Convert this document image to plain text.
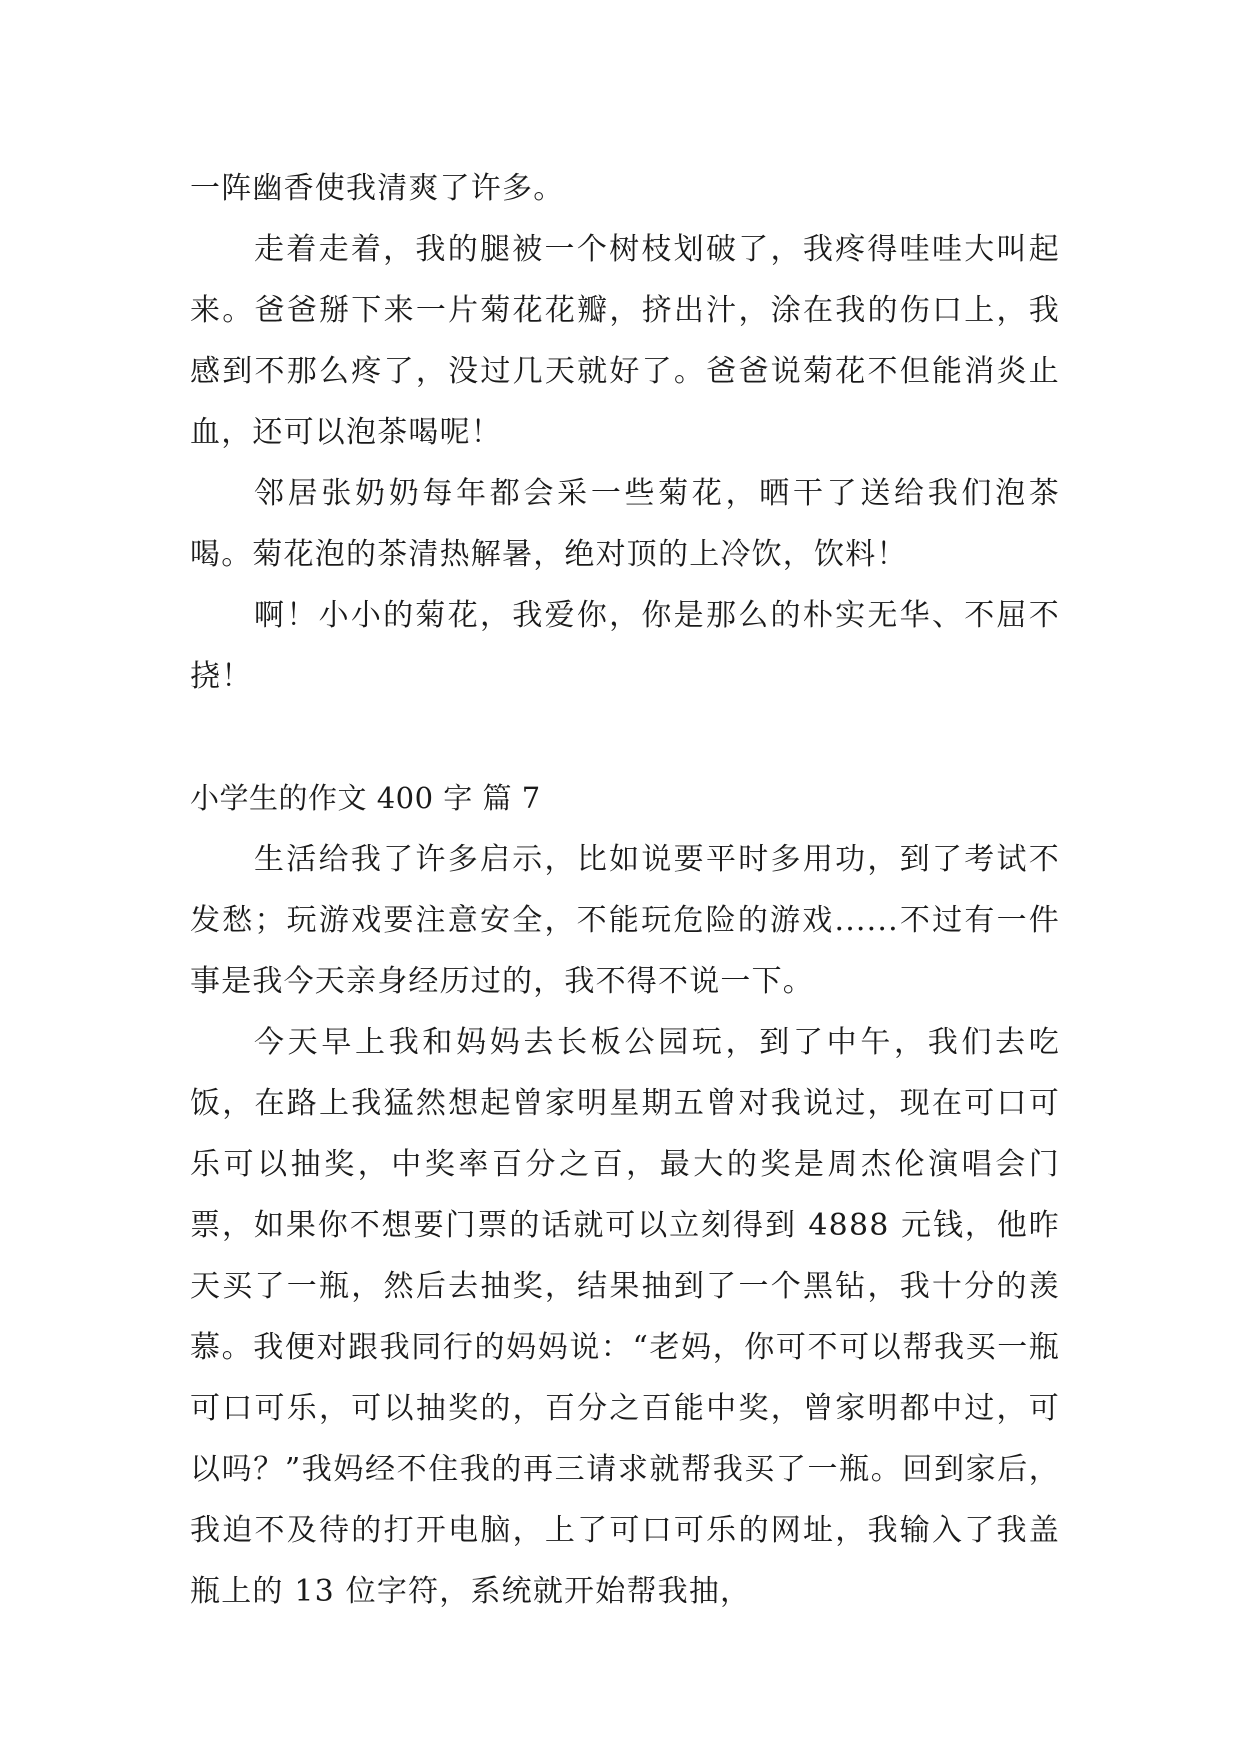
一阵幽香使我清爽了许多。

走着走着，我的腿被一个树枝划破了，我疼得哇哇大叫起来。爸爸掰下来一片菊花花瓣，挤出汁，涂在我的伤口上，我感到不那么疼了，没过几天就好了。爸爸说菊花不但能消炎止血，还可以泡茶喝呢！

邻居张奶奶每年都会采一些菊花，晒干了送给我们泡茶喝。菊花泡的茶清热解暑，绝对顶的上冷饮，饮料！

啊！小小的菊花，我爱你，你是那么的朴实无华、不屈不挠！

小学生的作文 400 字 篇 7

生活给我了许多启示，比如说要平时多用功，到了考试不发愁；玩游戏要注意安全，不能玩危险的游戏......不过有一件事是我今天亲身经历过的，我不得不说一下。

今天早上我和妈妈去长板公园玩，到了中午，我们去吃饭，在路上我猛然想起曾家明星期五曾对我说过，现在可口可乐可以抽奖，中奖率百分之百，最大的奖是周杰伦演唱会门票，如果你不想要门票的话就可以立刻得到 4888 元钱，他昨天买了一瓶，然后去抽奖，结果抽到了一个黑钻，我十分的羡慕。我便对跟我同行的妈妈说：“老妈，你可不可以帮我买一瓶可口可乐，可以抽奖的，百分之百能中奖，曾家明都中过，可以吗？”我妈经不住我的再三请求就帮我买了一瓶。回到家后，我迫不及待的打开电脑，上了可口可乐的网址，我输入了我盖瓶上的 13 位字符，系统就开始帮我抽，
